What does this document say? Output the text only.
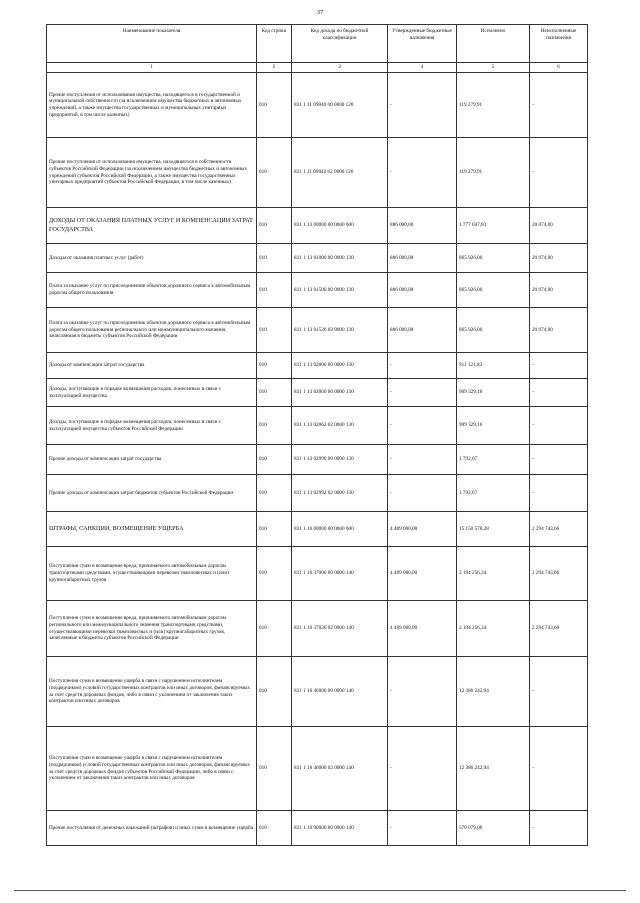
37
Наименование показателя	Код строки	Код дохода по бюджетной классификации	Утвержденные бюджетные назначения	Исполнено	Неисполненные назначения
1	2	3	4	5	6
Прочие поступления от использования имущества, находящегося в государственной и муниципальной собственности (за исключением имущества бюджетных и автономных учреждений, а также имущества государственных и муниципальных унитарных предприятий, в том числе казенных)	010	831 1 11 09040 00 0000 120	-	119 279,91	-
Прочие поступления от использования имущества, находящегося в собственности субъектов Российской Федерации (за исключением имущества бюджетных и автономных учреждений субъектов Российской Федерации, а также имущества государственных унитарных предприятий субъектов Российской Федерации, в том числе казенных)	010	831 1 11 09042 02 0000 120	-	119 279,91	-
ДОХОДЫ ОТ ОКАЗАНИЯ ПЛАТНЫХ УСЛУГ И КОМПЕНСАЦИИ ЗАТРАТ ГОСУДАРСТВА	010	831 1 13 00000 00 0000 000	886 000,00	1 777 047,83	20 074,00
Доходы от оказания платных услуг (работ)	010	831 1 13 01000 00 0000 130	886 000,00	865 926,00	20 074,00
Плата за оказание услуг по присоединению объектов дорожного сервиса к автомобильным дорогам общего пользования	010	831 1 13 01500 00 0000 130	886 000,00	865 926,00	20 074,00
Плата за оказание услуг по присоединению объектов дорожного сервиса к автомобильным дорогам общего пользования регионального или межмуниципального значения, зачисляемая в бюджеты субъектов Российской Федерации	010	831 1 13 01520 02 0000 130	886 000,00	865 926,00	20 074,00
Доходы от компенсации затрат государства	010	831 1 13 02000 00 0000 130	-	911 121,83	-
Доходы, поступающие в порядке возмещения расходов, понесенных в связи с эксплуатацией имущества	010	831 1 13 02060 00 0000 130	-	909 329,16	-
Доходы, поступающие в порядке возмещения расходов, понесенных в связи с эксплуатацией имущества субъектов Российской Федерации	010	831 1 13 02062 02 0000 130	-	909 329,16	-
Прочие доходы от компенсации затрат государства	010	831 1 13 02990 00 0000 130	-	1 792,67	-
Прочие доходы от компенсации затрат бюджетов субъектов Российской Федерации	010	831 1 13 02992 02 0000 130	-	1 792,67	-
ШТРАФЫ, САНКЦИИ, ВОЗМЕЩЕНИЕ УЩЕРБА	010	831 1 16 00000 00 0000 000	4 489 000,00	15 150 578,28	2 294 743,66
Поступления сумм в возмещение вреда, причиняемого автомобильным дорогам транспортными средствами, осуществляющими перевозки тяжеловесных и (или) крупногабаритных грузов	010	831 1 16 37000 00 0000 140	4 489 000,00	2 194 256,34	2 294 743,66
Поступления сумм в возмещение вреда, причиняемого автомобильным дорогам регионального или межмуниципального значения транспортными средствами, осуществляющими перевозки тяжеловесных и (или) крупногабаритных грузов, зачисляемые в бюджеты субъектов Российской Федерации	010	831 1 16 37020 02 0000 140	4 489 000,00	2 194 256,34	2 294 743,66
Поступления сумм в возмещение ущерба в связи с нарушением исполнителем (подрядчиком) условий государственных контрактов или иных договоров, финансируемых за счет средств дорожных фондов, либо в связи с уклонением от заключения таких контрактов или иных договоров	010	831 1 16 46000 00 0000 140	-	12 386 242,94	-
Поступления сумм в возмещение ущерба в связи с нарушением исполнителем (подрядчиком) условий государственных контрактов или иных договоров, финансируемых за счет средств дорожных фондов субъектов Российской Федерации, либо в связи с уклонением от заключения таких контрактов или иных договоров	010	831 1 16 46000 02 0000 140	-	12 386 242,94	-
Прочие поступления от денежных взысканий (штрафов) и иных сумм в возмещение ущерба	010	831 1 16 90000 00 0000 140	-	570 079,00	-
